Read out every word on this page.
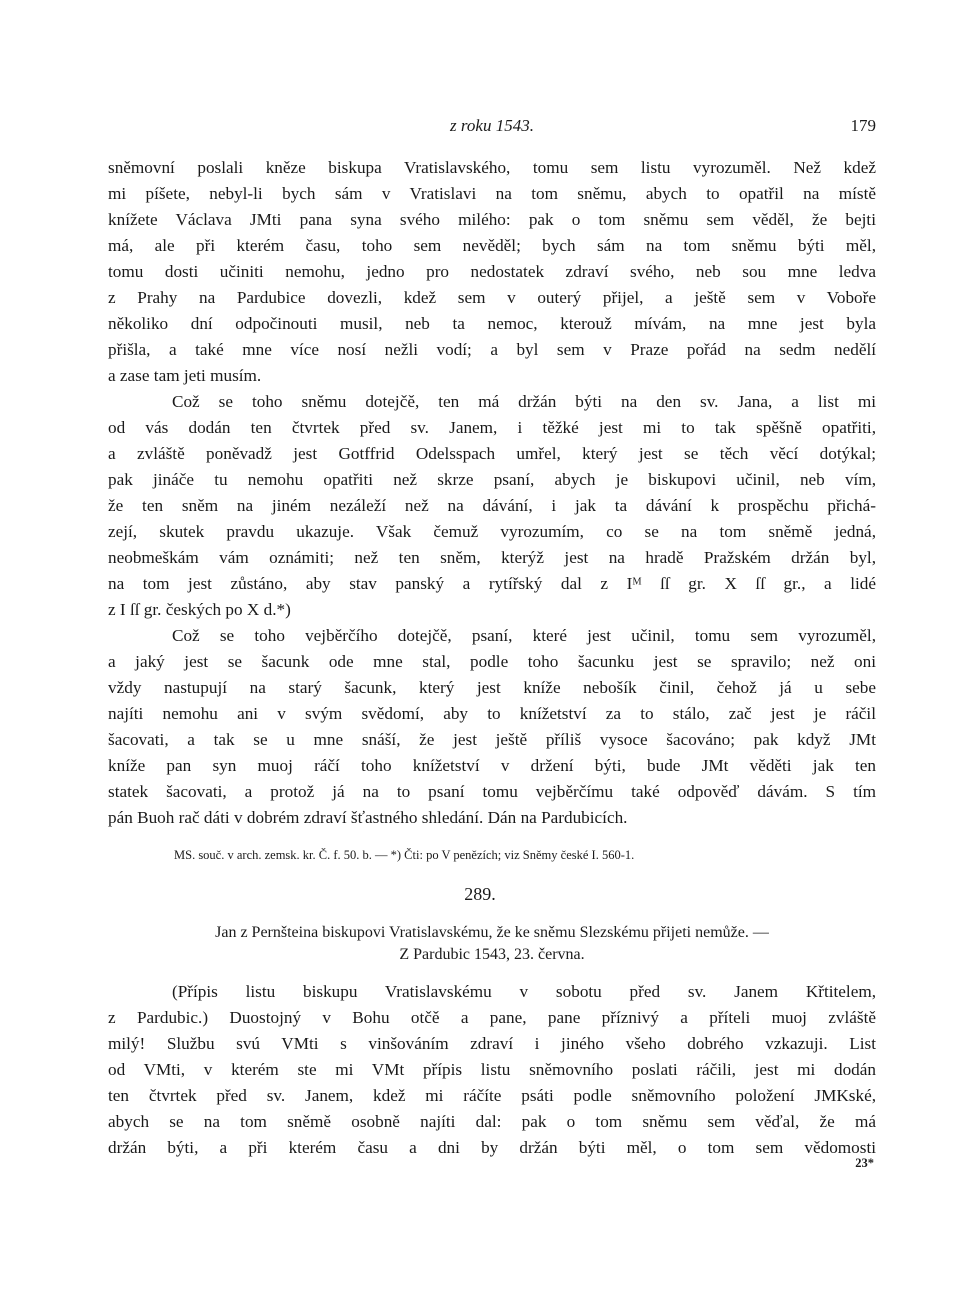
z roku 1543.	179
sněmovní poslali kněze biskupa Vratislavského, tomu sem listu vyrozuměl. Než kdež
mi píšete, nebyl-li bych sám v Vratislavi na tom sněmu, abych to opatřil na místě
knížete Václava JMti pana syna svého milého: pak o tom sněmu sem věděl, že bejti
má, ale při kterém času, toho sem nevěděl; bych sám na tom sněmu býti měl,
tomu dosti učiniti nemohu, jedno pro nedostatek zdraví svého, neb sou mne ledva
z Prahy na Pardubice dovezli, kdež sem v outerý přijel, a ještě sem v Voboře
několiko dní odpočinouti musil, neb ta nemoc, kterouž mívám, na mne jest byla
přišla, a také mne více nosí nežli vodí; a byl sem v Praze pořád na sedm nedělí
a zase tam jeti musím.
Což se toho sněmu dotejčě, ten má držán býti na den sv. Jana, a list mi
od vás dodán ten čtvrtek před sv. Janem, i těžké jest mi to tak spěšně opatřiti,
a zvláště poněvadž jest Gotffrid Odelsspach umřel, který jest se těch věcí dotýkal;
pak jináče tu nemohu opatřiti než skrze psaní, abych je biskupovi učinil, neb vím,
že ten sněm na jiném nezáleží než na dávání, i jak ta dávání k prospěchu přichá-
zejí, skutek pravdu ukazuje. Však čemuž vyrozumím, co se na tom sněmě jedná,
neobmeškám vám oznámiti; než ten sněm, kterýž jest na hradě Pražském držán byl,
na tom jest zůstáno, aby stav panský a rytířský dal z Iᴹ ſſ gr. X ſſ gr., a lidé
z I ſſ gr. českých po X d.*)
Což se toho vejběrčího dotejčě, psaní, které jest učinil, tomu sem vyrozuměl,
a jaký jest se šacunk ode mne stal, podle toho šacunku jest se spravilo; než oni
vždy nastupují na starý šacunk, který jest kníže nebošík činil, čehož já u sebe
najíti nemohu ani v svým svědomí, aby to knížetství za to stálo, zač jest je ráčil
šacovati, a tak se u mne snáší, že jest ještě příliš vysoce šacováno; pak když JMt
kníže pan syn muoj ráčí toho knížetství v držení býti, bude JMt věděti jak ten
statek šacovati, a protož já na to psaní tomu vejběrčímu také odpověď dávám. S tím
pán Buoh rač dáti v dobrém zdraví šťastného shledání. Dán na Pardubicích.
MS. souč. v arch. zemsk. kr. Č. f. 50. b. — *) Čti: po V penězích; viz Sněmy české I. 560-1.
289.
Jan z Pernšteina biskupovi Vratislavskému, že ke sněmu Slezskému přijeti nemůže. —
Z Pardubic 1543, 23. června.
(Přípis listu biskupu Vratislavskému v sobotu před sv. Janem Křtitelem,
z Pardubic.) Duostojný v Bohu otčě a pane, pane příznivý a příteli muoj zvláště
milý! Službu svú VMti s vinšováním zdraví i jiného všeho dobrého vzkazuji. List
od VMti, v kterém ste mi VMt přípis listu sněmovního poslati ráčili, jest mi dodán
ten čtvrtek před sv. Janem, kdež mi ráčíte psáti podle sněmovního položení JMKské,
abych se na tom sněmě osobně najíti dal: pak o tom sněmu sem věďal, že má
držán býti, a při kterém času a dni by držán býti měl, o tom sem vědomosti
23*
